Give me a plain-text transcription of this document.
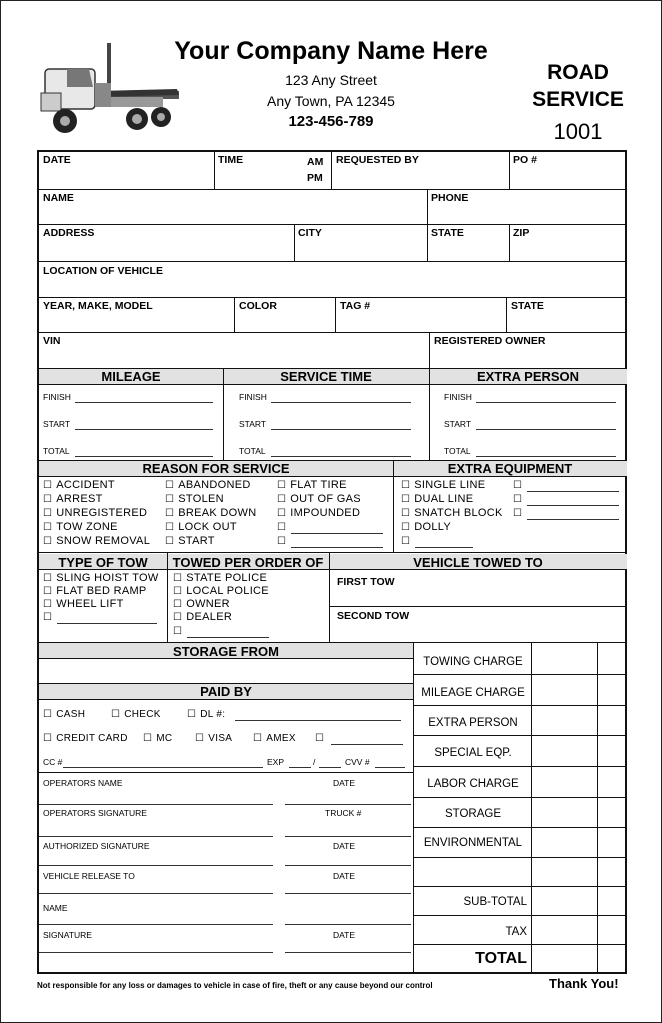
Your Company Name Here
123 Any Street
Any Town, PA 12345
123-456-789
ROAD
SERVICE
1001
DATE	TIME	AM
PM
REQUESTED BY	PO #
NAME	PHONE
ADDRESS	CITY	STATE	ZIP
LOCATION OF VEHICLE
YEAR, MAKE, MODEL	COLOR	TAG #	STATE
VIN	REGISTERED OWNER
MILEAGE	SERVICE TIME	EXTRA PERSON
FINISH
START
TOTAL
FINISH
START
TOTAL
FINISH
START
TOTAL
REASON FOR SERVICE	EXTRA EQUIPMENT
☐ ACCIDENT
☐ ARREST
☐ UNREGISTERED
☐ TOW ZONE
☐ SNOW REMOVAL
☐ ABANDONED
☐ STOLEN
☐ BREAK DOWN
☐ LOCK OUT
☐ START
☐ FLAT TIRE
☐ OUT OF GAS
☐ IMPOUNDED
☐
☐
☐ SINGLE LINE
☐ DUAL LINE
☐ SNATCH BLOCK
☐ DOLLY
☐
☐
☐
☐
TYPE OF TOW	TOWED PER ORDER OF	VEHICLE TOWED TO
☐ SLING HOIST TOW
☐ FLAT BED RAMP
☐ WHEEL LIFT
☐
☐ STATE POLICE
☐ LOCAL POLICE
☐ OWNER
☐ DEALER
☐
FIRST TOW
SECOND TOW
STORAGE FROM
PAID BY
☐ CASH	☐ CHECK	☐ DL #:
☐ CREDIT CARD	☐ MC	☐ VISA	☐ AMEX
☐
CC #	EXP	/	CVV #
OPERATORS NAME	DATE
OPERATORS SIGNATURE	TRUCK #
AUTHORIZED SIGNATURE	DATE
VEHICLE RELEASE TO	DATE
NAME
SIGNATURE	DATE
TOWING CHARGE
MILEAGE CHARGE
EXTRA PERSON
SPECIAL EQP.
LABOR CHARGE
STORAGE
ENVIRONMENTAL
SUB-TOTAL
TAX
TOTAL
Not responsible for any loss or damages to vehicle in case of fire, theft or any cause beyond our control	Thank You!
